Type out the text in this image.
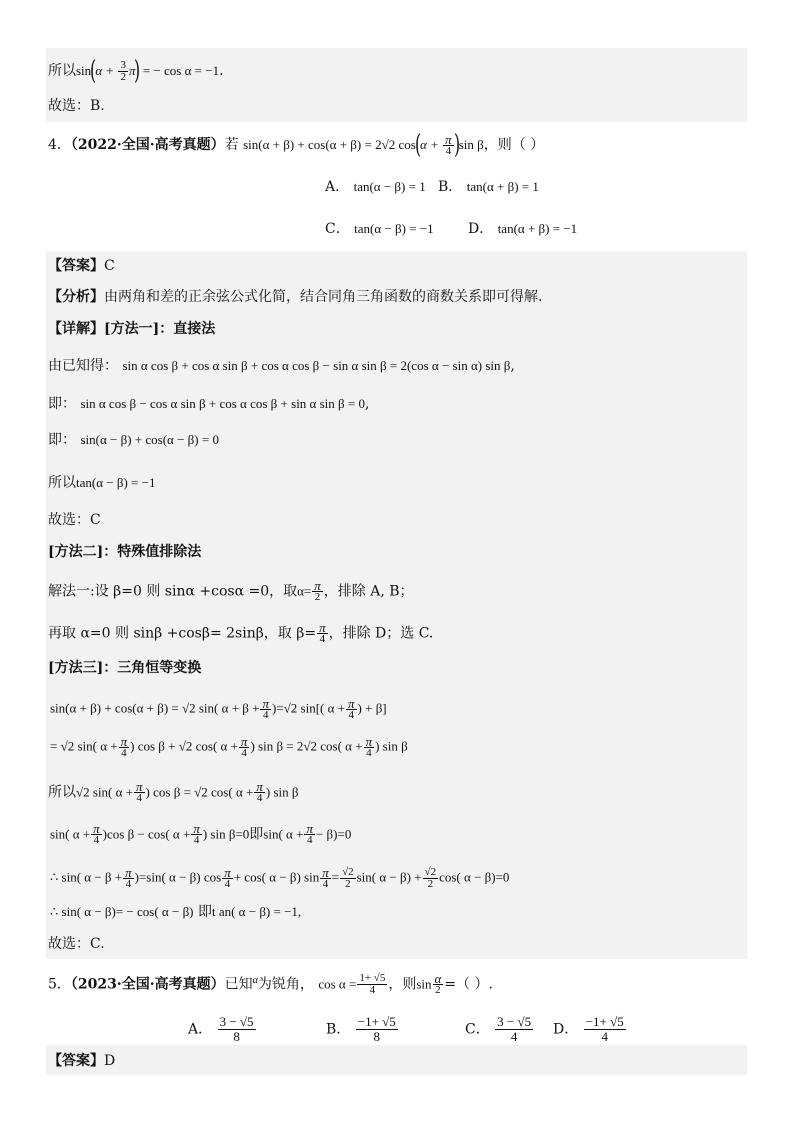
所以$\sin(\alpha + \frac{3}{2} \pi)$ = − cos α = −1.
故选：B.
4．（2022·全国·高考真题）若 sin(α + β) + cos(α + β) = 2√2 $\cos(\alpha + \frac{\pi}{4} )\sin$ β，则（ ）
A． tan(α − β) = 1 B． tan(α + β) = 1
C． tan(α − β) = −1 D． tan(α + β) = −1
【答案】C
【分析】由两角和差的正余弦公式化简，结合同角三角函数的商数关系即可得解.
【详解】[方法一]：直接法
由已知得： sin α cos β + cos α sin β + cos α cos β − sin α sin β = 2(cos α − sin α) sin β,
即： sin α cos β − cos α sin β + cos α cos β + sin α sin β = 0,
即： sin(α − β) + cos(α − β) = 0
所以tan(α − β) = −1
故选：C
[方法二]：特殊值排除法
解法一:设 β=0 则 sinα +cosα =0，取$\alpha= \frac{\pi}{2}$ ，排除 A, B；
再取 α=0 则 sinβ +cosβ= 2sinβ，取 $\beta= \frac{\pi}{4}$ ，排除 D；选 C.
[方法三]：三角恒等变换
sin(α + β) + cos(α + β) = √2 sin( $\alpha + \beta + \frac{\pi}{4} )=√2$ sin[( $\alpha + \frac{\pi}{4}$ ) + β]
= √2 sin( $\alpha + \frac{\pi}{4}$ ) cos β + √2 cos( $\alpha + \frac{\pi}{4}$ ) sin β = 2√2 cos( $\alpha + \frac{\pi}{4}$ ) sin β
所以√2 sin( $\alpha + \frac{\pi}{4}$ ) cos β = √2 cos( $\alpha + \frac{\pi}{4}$ ) sin β
sin( $\alpha + \frac{\pi}{4} )\cos$ β − cos( $\alpha + \frac{\pi}{4}$ ) sin β=0即sin( $\alpha + \frac{\pi}{4} - \beta)=0$
∴ sin( $\alpha - \beta + \frac{\pi}{4} )=\sin$( α − β) $\cos \frac{\pi}{4} + \cos$( α − β) $\sin \frac{\pi}{4} = \frac{√2}{2} \sin$( $\alpha - \beta) + \frac{√2}{2} \cos$( α − β)=0
∴ sin( α − β)= − cos( α − β) 即t an( α − β) = −1,
故选：C.
5．（2023·全国·高考真题）已知$^\alpha$为锐角， $\cos \alpha = \frac{1+ √5}{4}$ ，则$\sin \frac{\alpha}{2}$ =（ ）.
A． $\frac{3 - √5}{8}$	B． $\frac{-1+ √5}{8}$	C． $\frac{3 - √5}{4}$ D． $\frac{-1+ √5}{4}$
【答案】D
